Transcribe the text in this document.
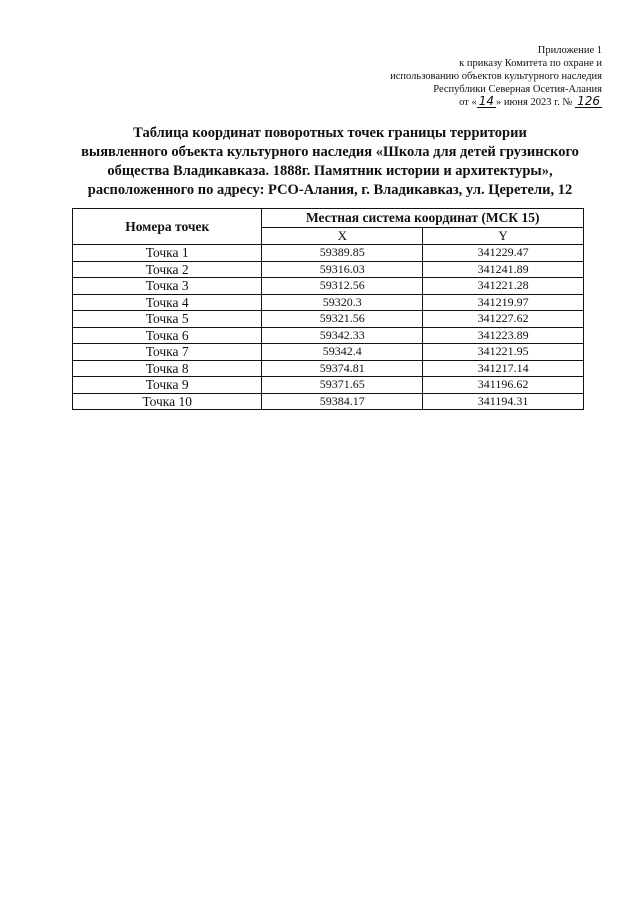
Приложение 1
к приказу Комитета по охране и
использованию объектов культурного наследия
Республики Северная Осетия-Алания
от « 14 » июня 2023 г. № 126
Таблица координат поворотных точек границы территории
выявленного объекта культурного наследия «Школа для детей грузинского
общества Владикавказа. 1888г. Памятник истории и архитектуры»,
расположенного по адресу: РСО-Алания, г. Владикавказ, ул. Церетели, 12
Номера точек	Местная система координат (МСК 15)	
	X	Y
Точка 1	59389.85	341229.47
Точка 2	59316.03	341241.89
Точка 3	59312.56	341221.28
Точка 4	59320.3	341219.97
Точка 5	59321.56	341227.62
Точка 6	59342.33	341223.89
Точка 7	59342.4	341221.95
Точка 8	59374.81	341217.14
Точка 9	59371.65	341196.62
Точка 10	59384.17	341194.31
